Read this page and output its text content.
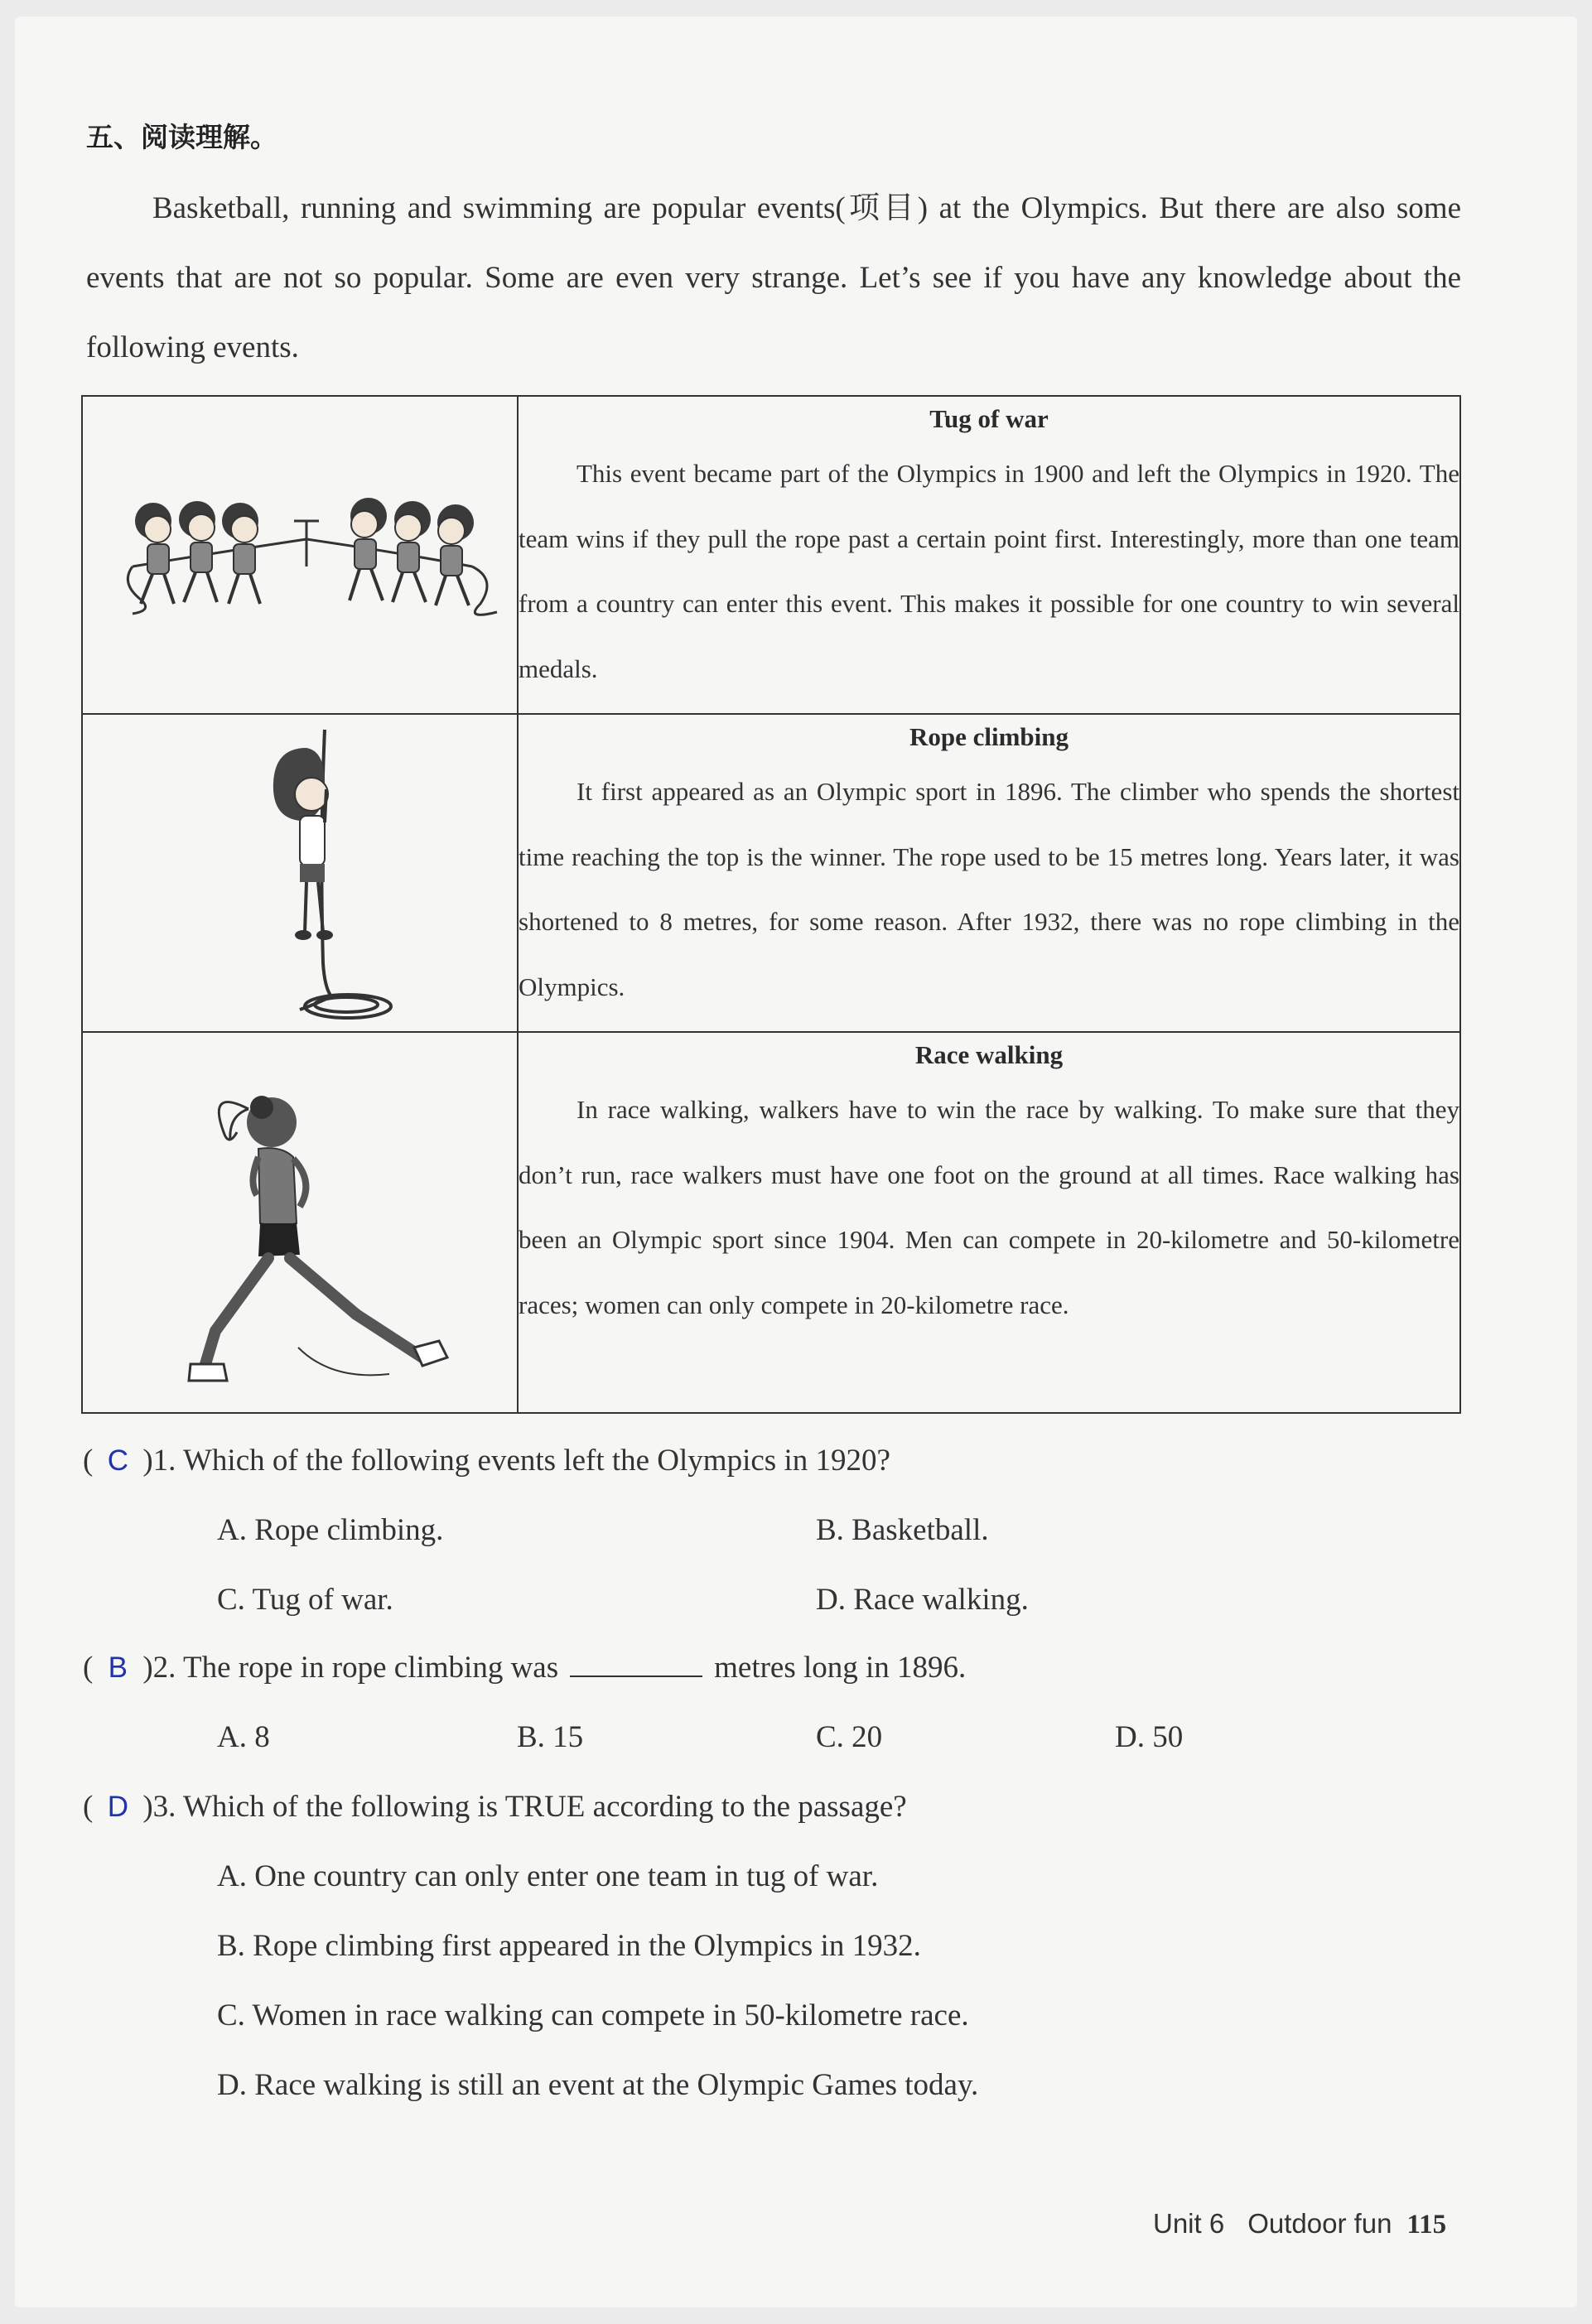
五、阅读理解。
Basketball, running and swimming are popular events(项目) at the Olympics. But there are also some events that are not so popular. Some are even very strange. Let’s see if you have any knowledge about the following events.

Tug of war
This event became part of the Olympics in 1900 and left the Olympics in 1920. The team wins if they pull the rope past a certain point first. Interestingly, more than one team from a country can enter this event. This makes it possible for one country to win several medals.

Rope climbing
It first appeared as an Olympic sport in 1896. The climber who spends the shortest time reaching the top is the winner. The rope used to be 15 metres long. Years later, it was shortened to 8 metres, for some reason. After 1932, there was no rope climbing in the Olympics.

Race walking
In race walking, walkers have to win the race by walking. To make sure that they don’t run, race walkers must have one foot on the ground at all times. Race walking has been an Olympic sport since 1904. Men can compete in 20-kilometre and 50-kilometre races; women can only compete in 20-kilometre race.
( C )1. Which of the following events left the Olympics in 1920?
A. Rope climbing.	B. Basketball.
C. Tug of war.	D. Race walking.
( B )2. The rope in rope climbing was	metres long in 1896.
A. 8	B. 15	C. 20	D. 50
( D )3. Which of the following is TRUE according to the passage?
A. One country can only enter one team in tug of war.
B. Rope climbing first appeared in the Olympics in 1932.
C. Women in race walking can compete in 50-kilometre race.
D. Race walking is still an event at the Olympic Games today.
Unit 6 Outdoor fun 115
